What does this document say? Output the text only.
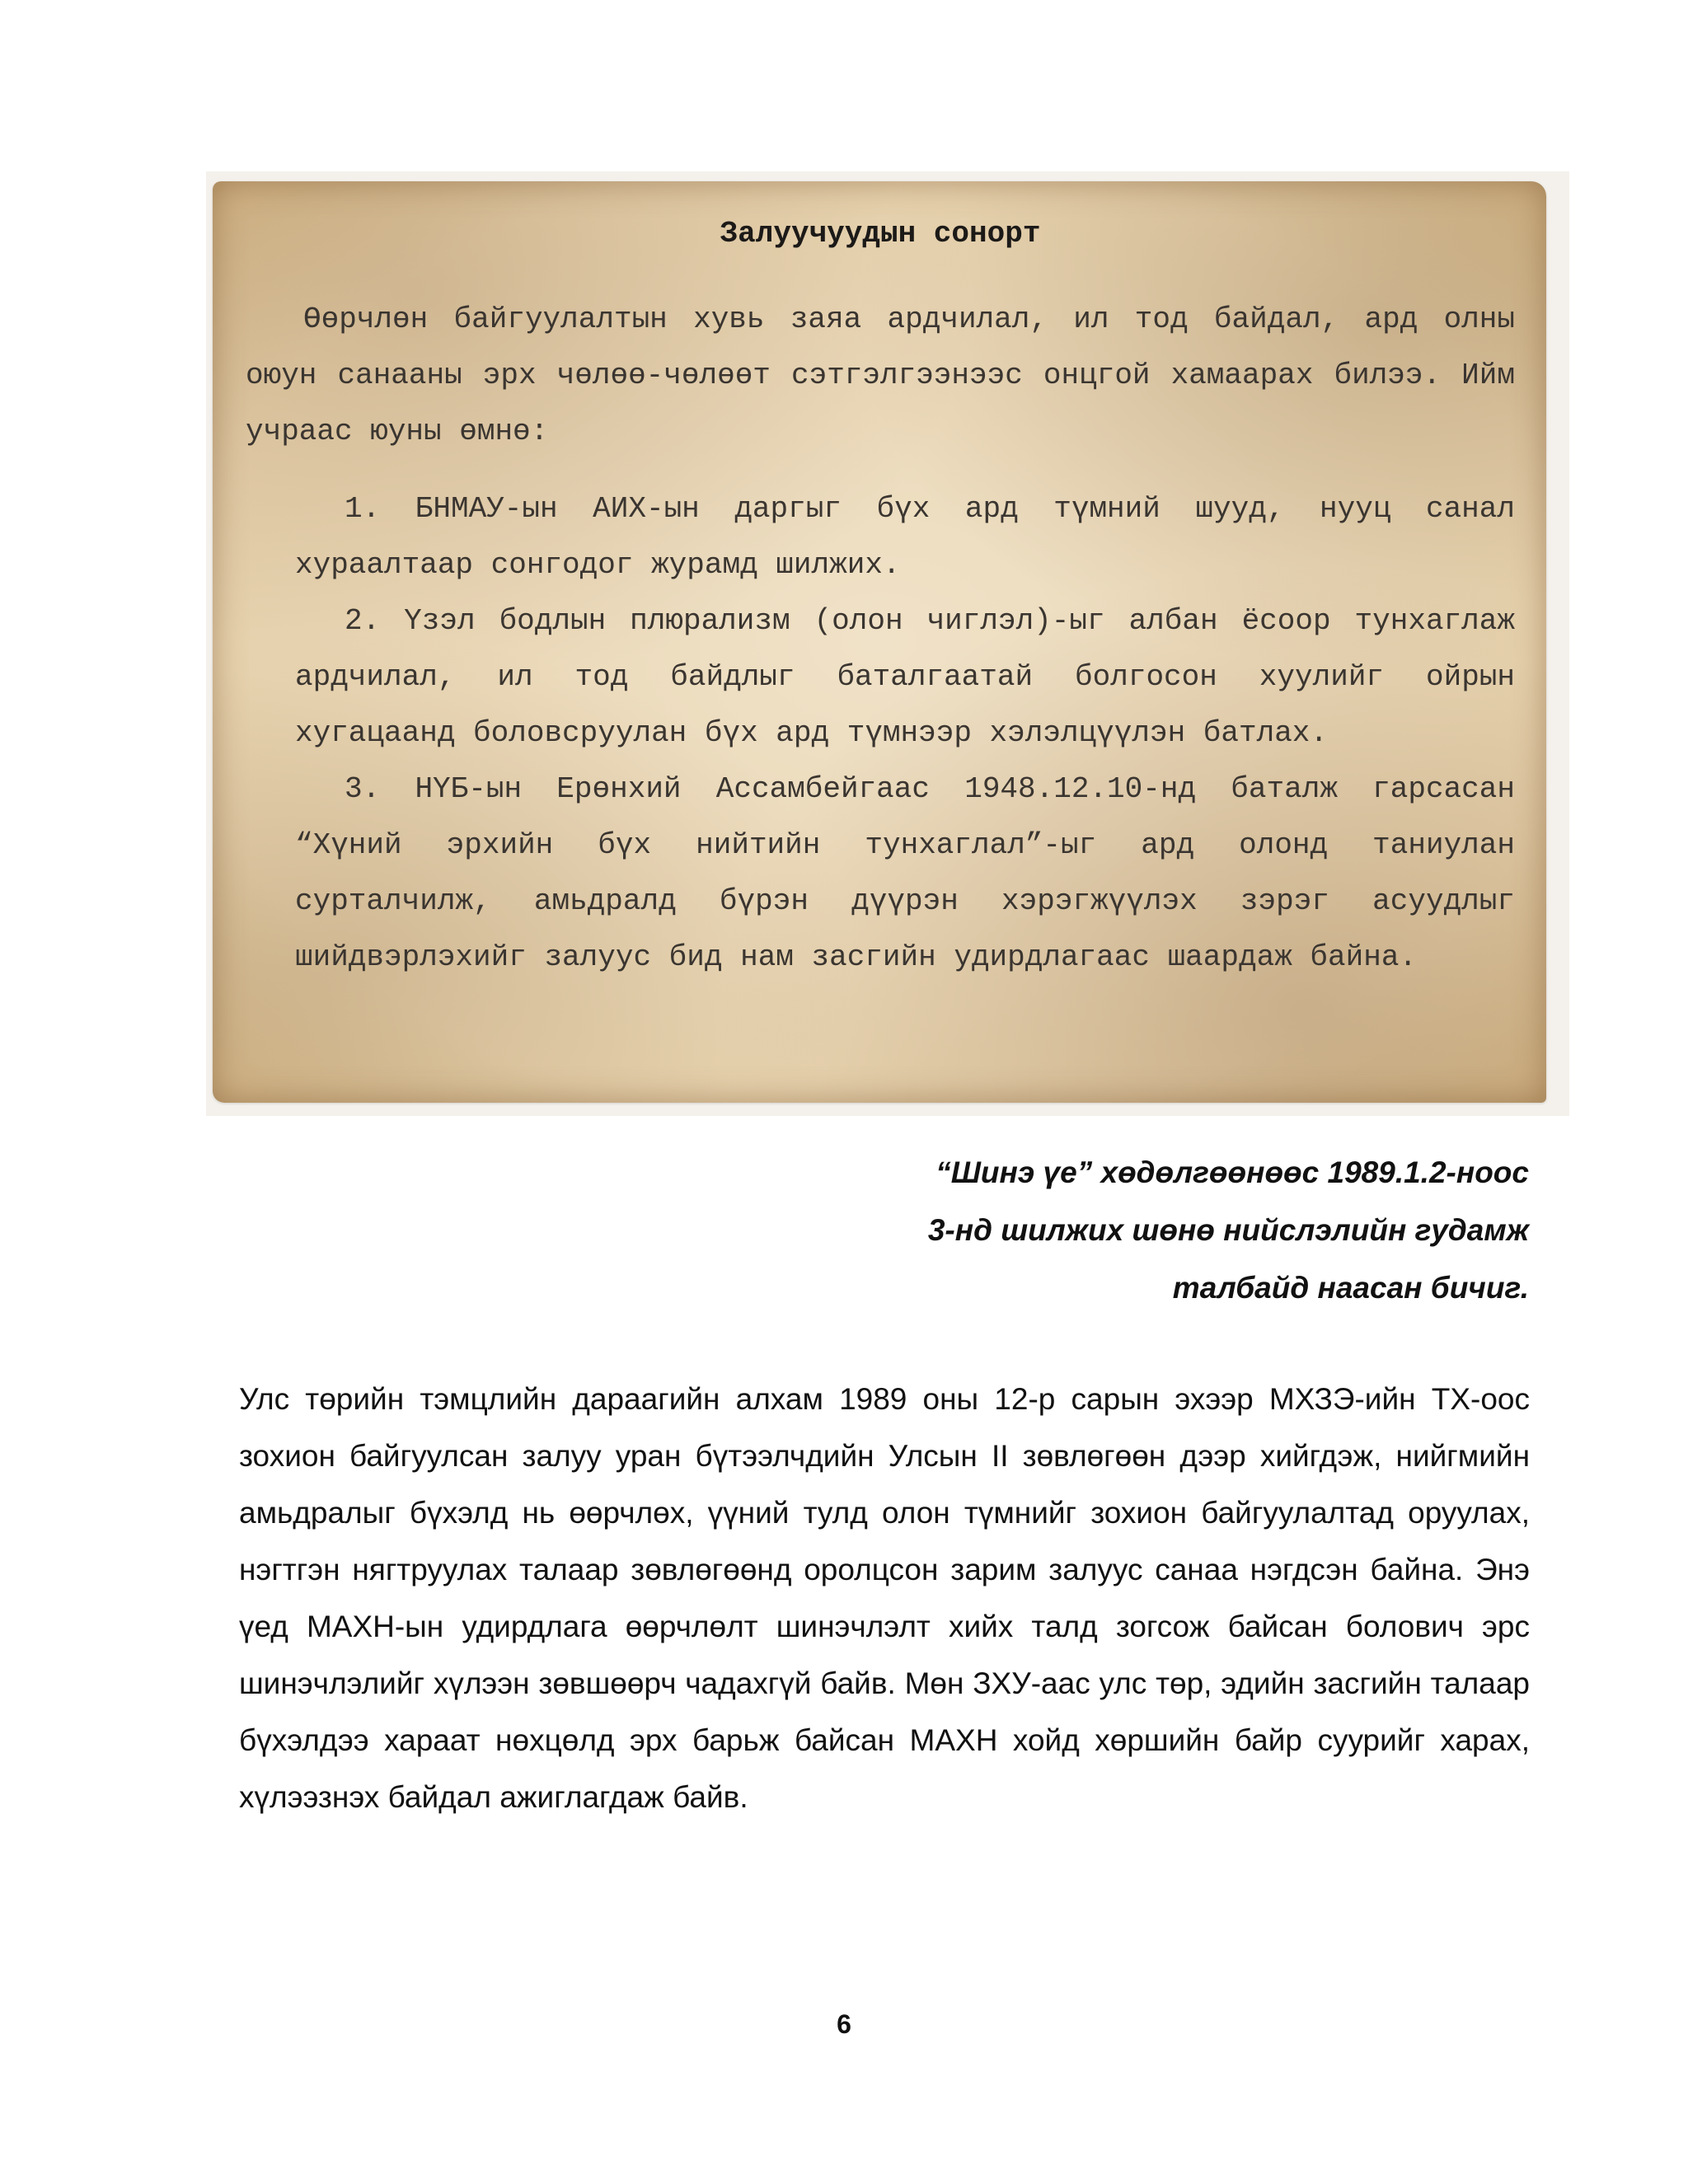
Залуучуудын сонорт

Өөрчлөн байгуулалтын хувь заяа ардчилал, ил тод байдал, ард олны оюун санааны эрх чөлөө-чөлөөт сэтгэлгээнээс онцгой хамаарах билээ. Ийм учраас юуны өмнө:

1. БНМАУ-ын АИХ-ын даргыг бүх ард түмний шууд, нууц санал хураалтаар сонгодог журамд шилжих.

2. Үзэл бодлын плюрализм (олон чиглэл)-ыг албан ёсоор тунхаглаж ардчилал, ил тод байдлыг баталгаатай болгосон хуулийг ойрын хугацаанд боловсруулан бүх ард түмнээр хэлэлцүүлэн батлах.

3. НҮБ-ын Ерөнхий Ассамбейгаас 1948.12.10-нд баталж гарсасан “Хүний эрхийн бүх нийтийн тунхаглал”-ыг ард олонд таниулан сурталчилж, амьдралд бүрэн дүүрэн хэрэгжүүлэх зэрэг асуудлыг шийдвэрлэхийг залуус бид нам засгийн удирдлагаас шаардаж байна.

“Шинэ үе” хөдөлгөөнөөс 1989.1.2-ноос
3-нд шилжих шөнө нийслэлийн гудамж
талбайд наасан бичиг.

Улс төрийн тэмцлийн дараагийн алхам 1989 оны 12-р сарын эхээр МХЗЭ-ийн ТХ-оос зохион байгуулсан залуу уран бүтээлчдийн Улсын II зөвлөгөөн дээр хийгдэж, нийгмийн амьдралыг бүхэлд нь өөрчлөх, үүний тулд олон түмнийг зохион байгуулалтад оруулах, нэгтгэн нягтруулах талаар зөвлөгөөнд оролцсон зарим залуус санаа нэгдсэн байна. Энэ үед МАХН-ын удирдлага өөрчлөлт шинэчлэлт хийх талд зогсож байсан болович эрс шинэчлэлийг хүлээн зөвшөөрч чадахгүй байв. Мөн ЗХУ-аас улс төр, эдийн засгийн талаар бүхэлдээ хараат нөхцөлд эрх барьж байсан МАХН хойд хөршийн байр суурийг харах, хүлээзнэх байдал ажиглагдаж байв.

6
